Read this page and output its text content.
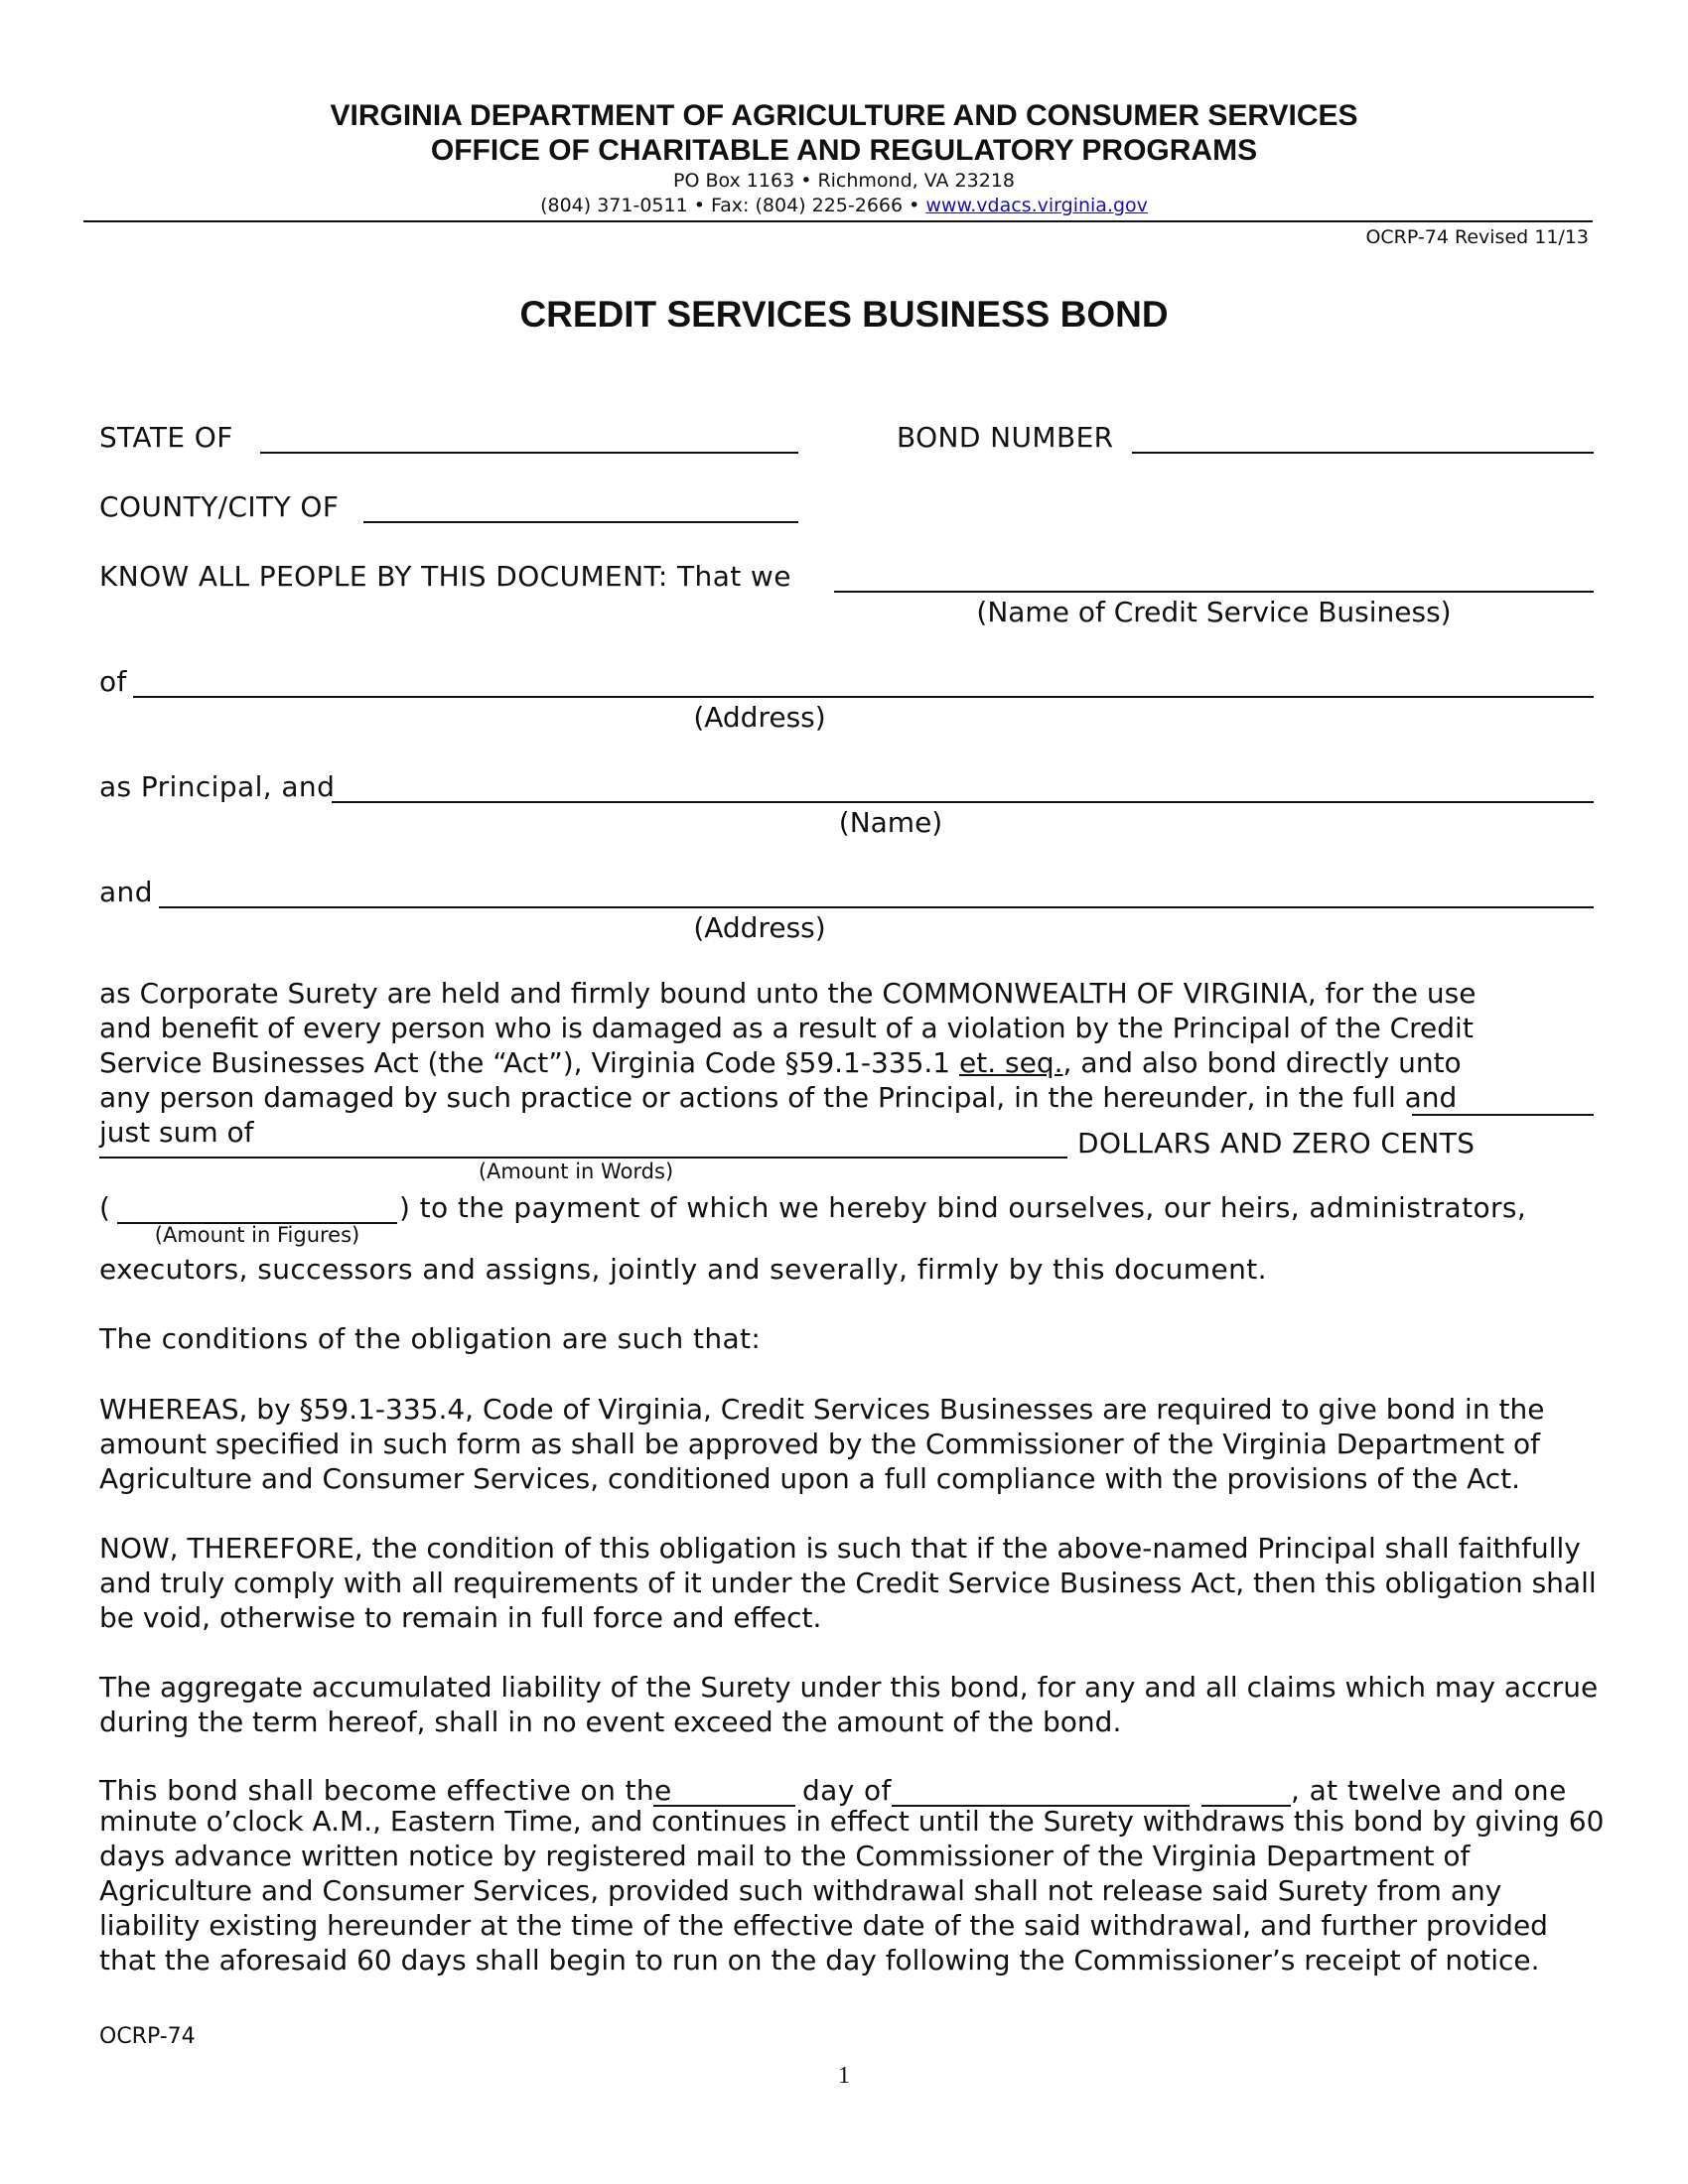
VIRGINIA DEPARTMENT OF AGRICULTURE AND CONSUMER SERVICES
OFFICE OF CHARITABLE AND REGULATORY PROGRAMS
PO Box 1163 • Richmond, VA 23218
(804) 371-0511 • Fax: (804) 225-2666 • www.vdacs.virginia.gov
OCRP-74 Revised 11/13
CREDIT SERVICES BUSINESS BOND
STATE OF	BOND NUMBER
COUNTY/CITY OF
KNOW ALL PEOPLE BY THIS DOCUMENT: That we
(Name of Credit Service Business)
of
(Address)
as Principal, and
(Name)
and
(Address)
as Corporate Surety are held and firmly bound unto the COMMONWEALTH OF VIRGINIA, for the use and benefit of every person who is damaged as a result of a violation by the Principal of the Credit Service Businesses Act (the “Act”), Virginia Code §59.1-335.1 et. seq., and also bond directly unto any person damaged by such practice or actions of the Principal, in the hereunder, in the full and just sum of	DOLLARS AND ZERO CENTS
(Amount in Words)
(	) to the payment of which we hereby bind ourselves, our heirs, administrators,
(Amount in Figures)
executors, successors and assigns, jointly and severally, firmly by this document.
The conditions of the obligation are such that:
WHEREAS, by §59.1-335.4, Code of Virginia, Credit Services Businesses are required to give bond in the amount specified in such form as shall be approved by the Commissioner of the Virginia Department of Agriculture and Consumer Services, conditioned upon a full compliance with the provisions of the Act.
NOW, THEREFORE, the condition of this obligation is such that if the above-named Principal shall faithfully and truly comply with all requirements of it under the Credit Service Business Act, then this obligation shall be void, otherwise to remain in full force and effect.
The aggregate accumulated liability of the Surety under this bond, for any and all claims which may accrue during the term hereof, shall in no event exceed the amount of the bond.
This bond shall become effective on the	day of	, at twelve and one
minute o’clock A.M., Eastern Time, and continues in effect until the Surety withdraws this bond by giving 60 days advance written notice by registered mail to the Commissioner of the Virginia Department of Agriculture and Consumer Services, provided such withdrawal shall not release said Surety from any liability existing hereunder at the time of the effective date of the said withdrawal, and further provided that the aforesaid 60 days shall begin to run on the day following the Commissioner’s receipt of notice.
OCRP-74
1
